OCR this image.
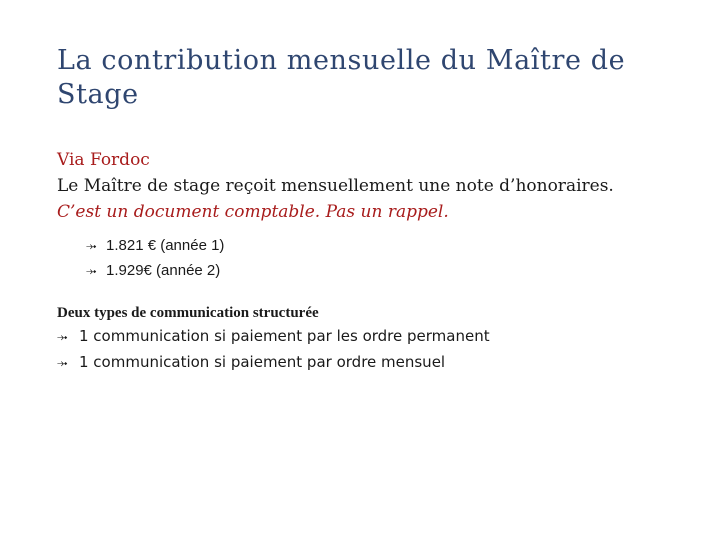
La contribution mensuelle du Maître de Stage
Via Fordoc
Le Maître de stage reçoit mensuellement une note d’honoraires.
C’est un document comptable. Pas un rappel.
⤞ 1.821 € (année 1)
⤞ 1.929€ (année 2)
Deux types de communication structurée
⤞ 1 communication si paiement par les ordre permanent
⤞ 1 communication si paiement par ordre mensuel
